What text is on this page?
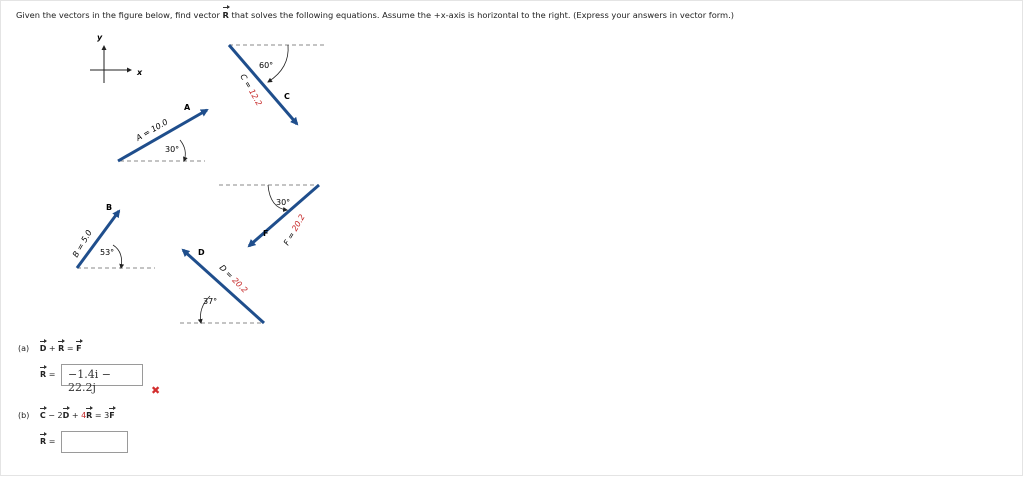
Given the vectors in the figure below, find vector R that solves the following equations. Assume the +x-axis is horizontal to the right. (Express your answers in vector form.)
y
x
30°
A
A = 10.0
53°
B
B = 5.0
60°
C
C = 12.2
37°
D
D = 20.2
30°
F F = 20.2
(a) D + R = F
R =	−1.4i − 22.2j	✖
(b) C − 2D + 4R = 3F
R =
